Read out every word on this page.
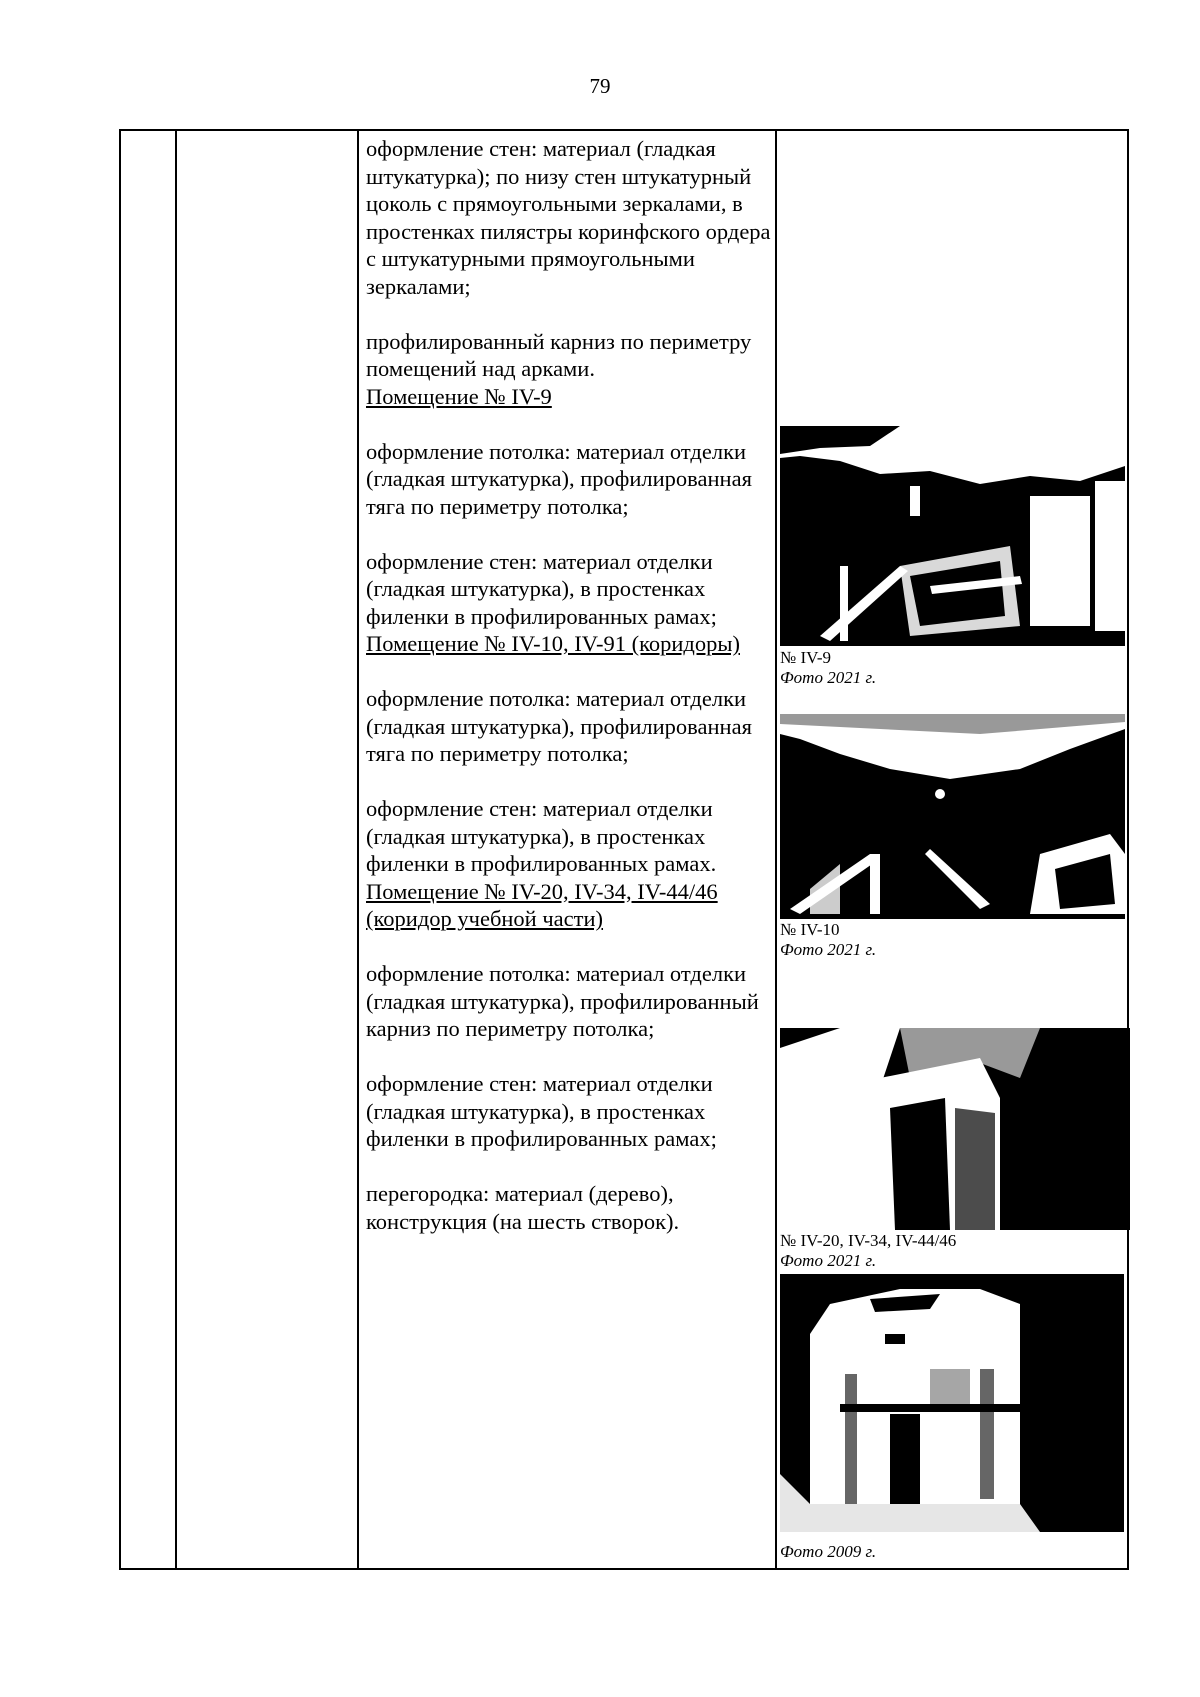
79

оформление стен: материал (гладкая штукатурка); по низу стен штукатурный цоколь с прямоугольными зеркалами, в простенках пилястры коринфского ордера с штукатурными прямоугольными зеркалами;

профилированный карниз по периметру помещений над арками.

Помещение № IV-9

оформление потолка: материал отделки (гладкая штукатурка), профилированная тяга по периметру потолка;

оформление стен: материал отделки (гладкая штукатурка), в простенках филенки в профилированных рамах;

Помещение № IV-10, IV-91 (коридоры)

оформление потолка: материал отделки (гладкая штукатурка), профилированная тяга по периметру потолка;

оформление стен: материал отделки (гладкая штукатурка), в простенках филенки в профилированных рамах.

Помещение № IV-20, IV-34, IV-44/46 (коридор учебной части)

оформление потолка: материал отделки (гладкая штукатурка), профилированный карниз по периметру потолка;

оформление стен: материал отделки (гладкая штукатурка), в простенках филенки в профилированных рамах;

перегородка: материал (дерево), конструкция (на шесть створок).

№ IV-9
Фото 2021 г.
№ IV-10
Фото 2021 г.
№ IV-20, IV-34, IV-44/46
Фото 2021 г.
Фото 2009 г.
